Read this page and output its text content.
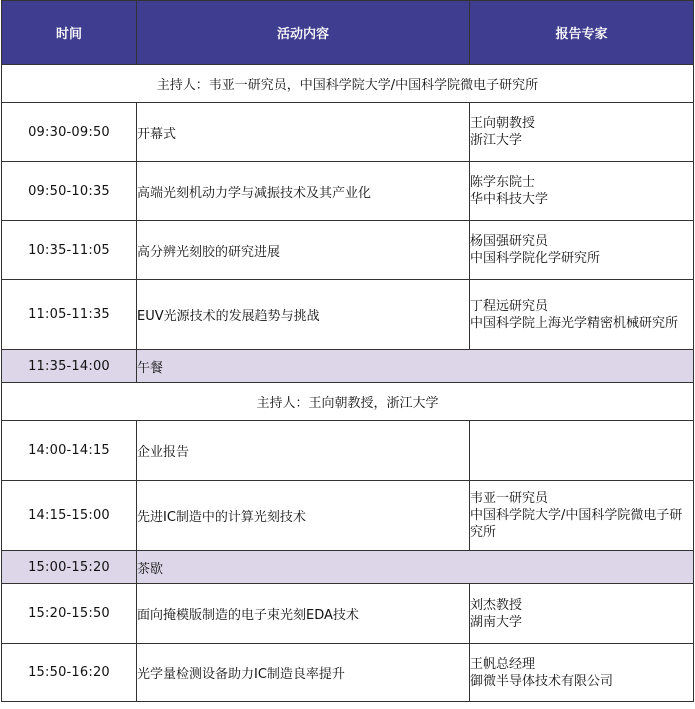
时间	活动内容	报告专家
主持人：韦亚一研究员，中国科学院大学/中国科学院微电子研究所		
09:30-09:50	开幕式	王向朝教授
浙江大学

09:50-10:35	高端光刻机动力学与减振技术及其产业化	陈学东院士
华中科技大学

10:35-11:05	高分辨光刻胶的研究进展	杨国强研究员
中国科学院化学研究所

11:05-11:35	EUV光源技术的发展趋势与挑战	丁程远研究员
中国科学院上海光学精密机械研究所

11:35-14:00	午餐	
主持人：王向朝教授，浙江大学		
14:00-14:15	企业报告	
14:15-15:00	先进IC制造中的计算光刻技术	韦亚一研究员
中国科学院大学/中国科学院微电子研究所

15:00-15:20	茶歇	
15:20-15:50	面向掩模版制造的电子束光刻EDA技术	刘杰教授
湖南大学

15:50-16:20	光学量检测设备助力IC制造良率提升	王帆总经理
御微半导体技术有限公司
